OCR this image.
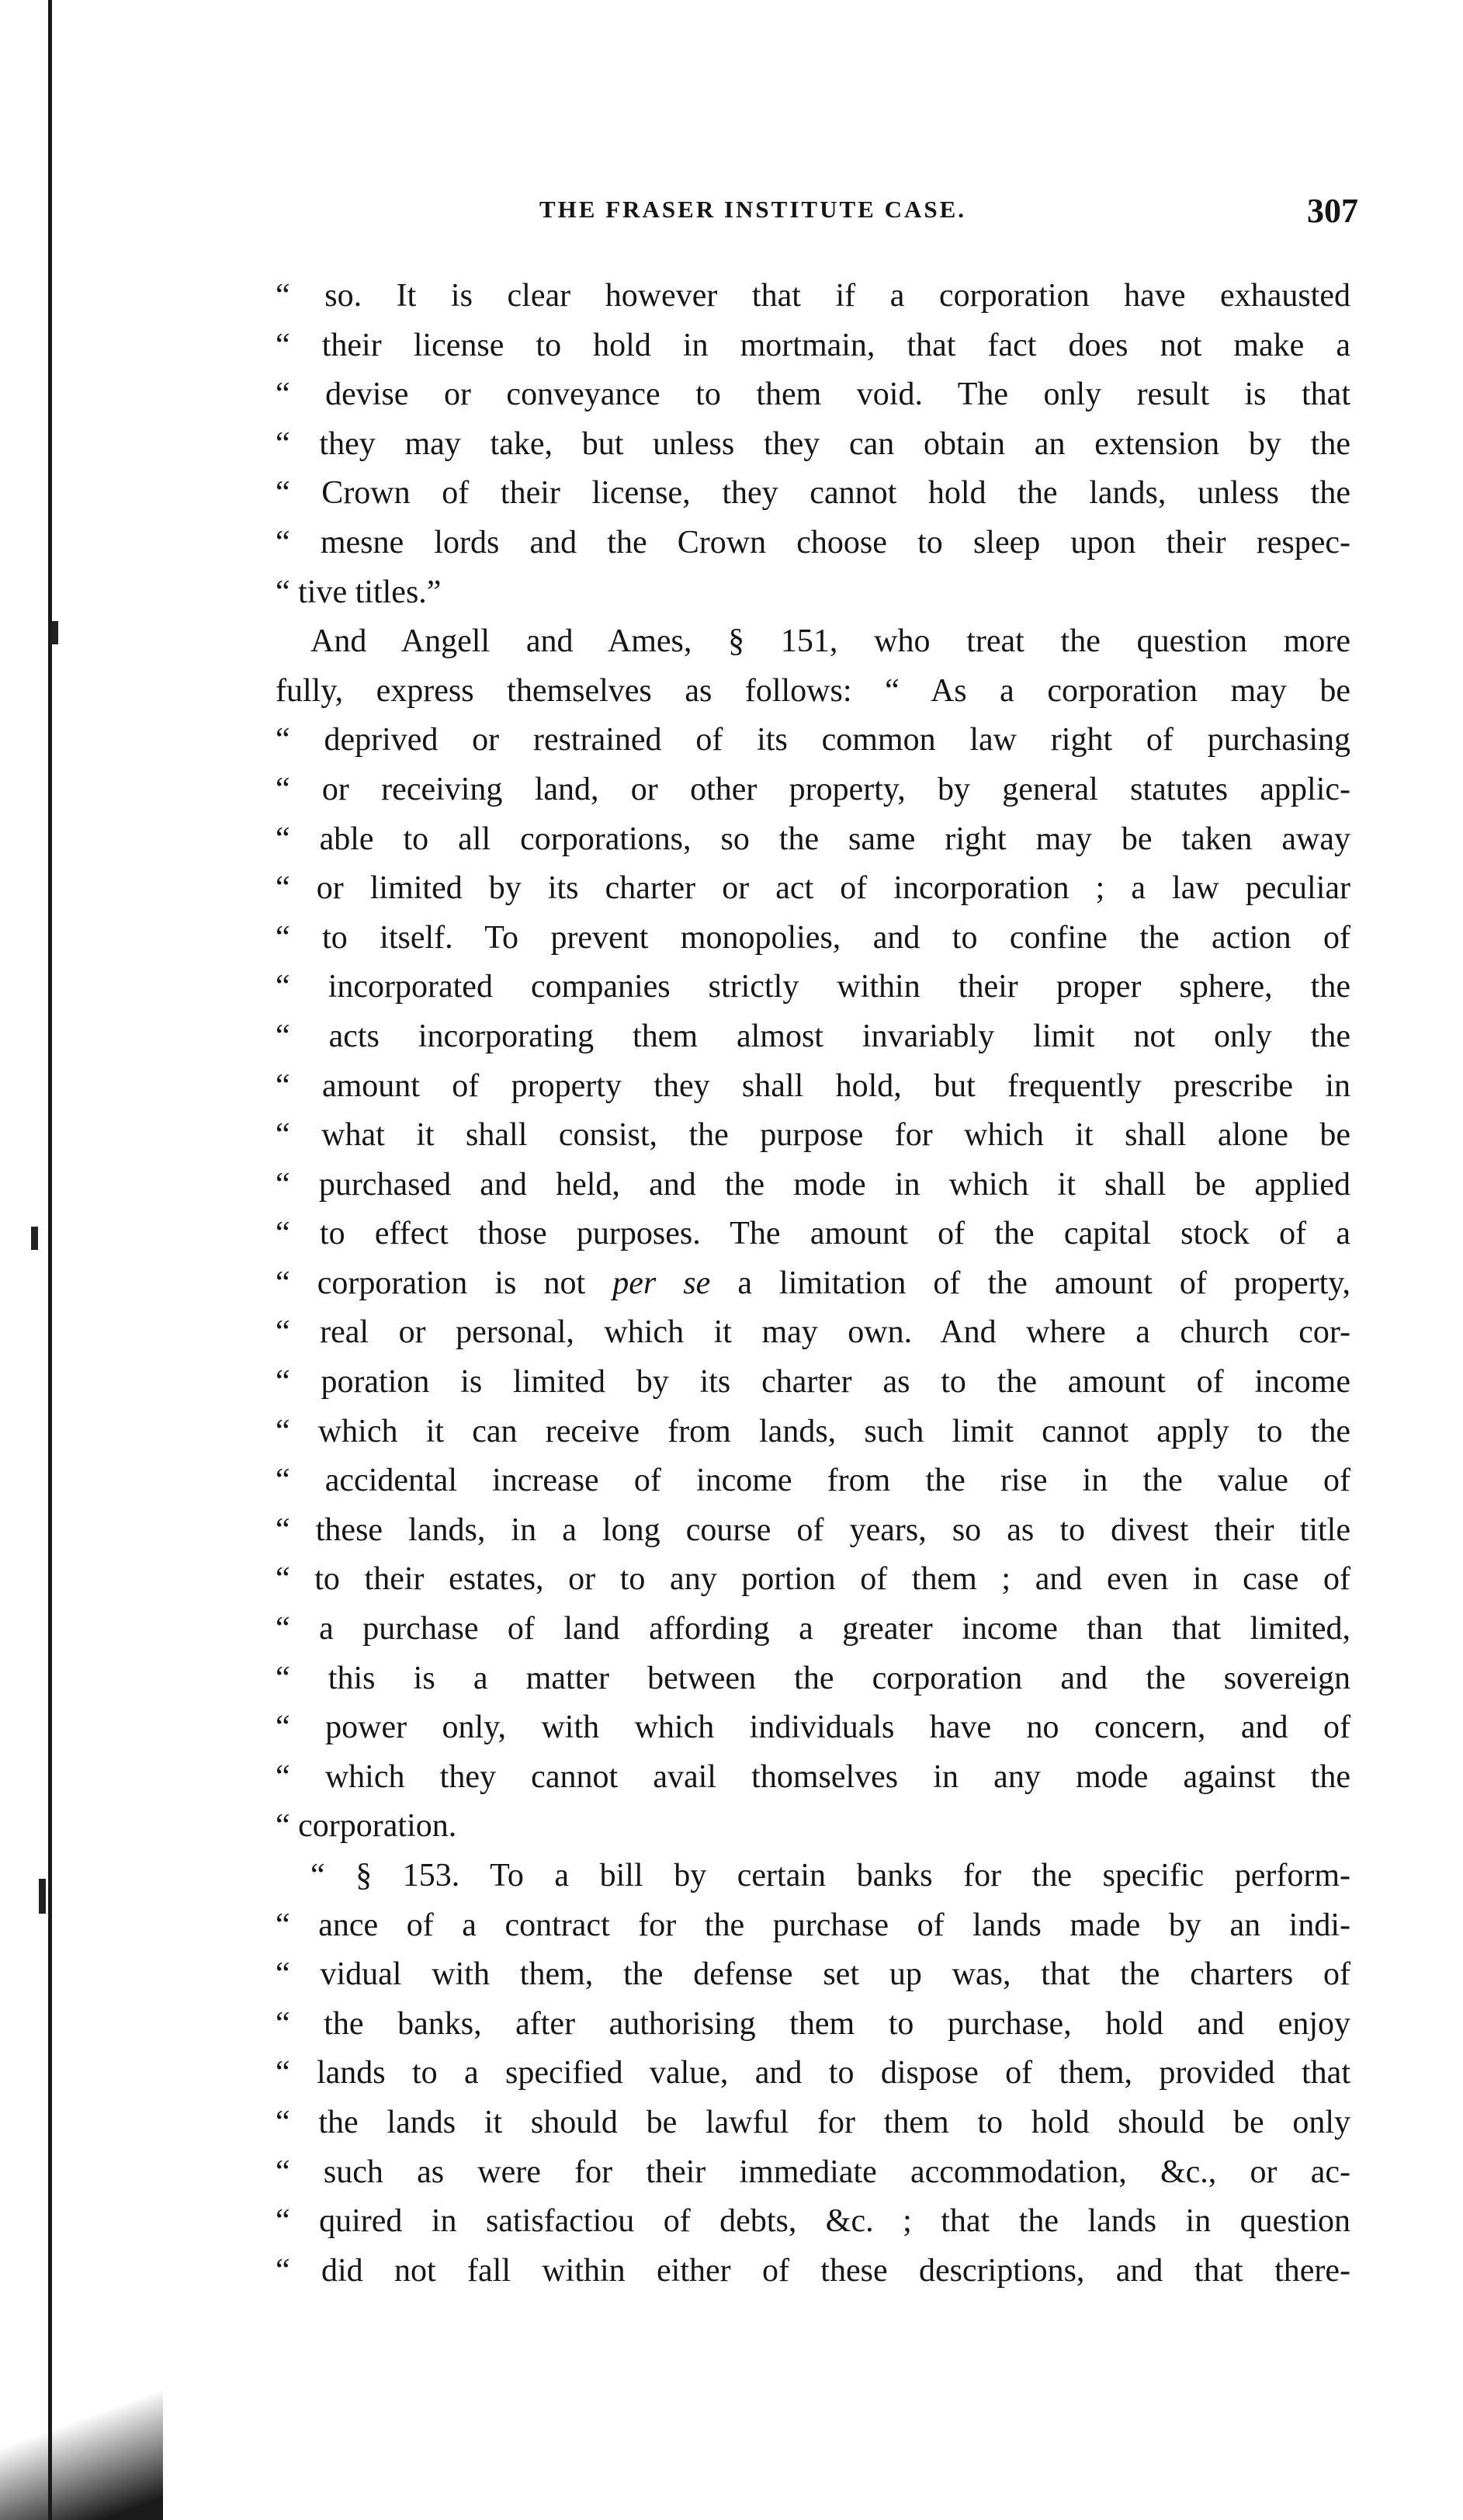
THE FRASER INSTITUTE CASE.	307
“ so. It is clear however that if a corporation have exhausted
“ their license to hold in mortmain, that fact does not make a
“ devise or conveyance to them void. The only result is that
“ they may take, but unless they can obtain an extension by the
“ Crown of their license, they cannot hold the lands, unless the
“ mesne lords and the Crown choose to sleep upon their respec-
“ tive titles.”
And Angell and Ames, § 151, who treat the question more
fully, express themselves as follows: “ As a corporation may be
“ deprived or restrained of its common law right of purchasing
“ or receiving land, or other property, by general statutes applic-
“ able to all corporations, so the same right may be taken away
“ or limited by its charter or act of incorporation ; a law peculiar
“ to itself. To prevent monopolies, and to confine the action of
“ incorporated companies strictly within their proper sphere, the
“ acts incorporating them almost invariably limit not only the
“ amount of property they shall hold, but frequently prescribe in
“ what it shall consist, the purpose for which it shall alone be
“ purchased and held, and the mode in which it shall be applied
“ to effect those purposes. The amount of the capital stock of a
“ corporation is not per se a limitation of the amount of property,
“ real or personal, which it may own. And where a church cor-
“ poration is limited by its charter as to the amount of income
“ which it can receive from lands, such limit cannot apply to the
“ accidental increase of income from the rise in the value of
“ these lands, in a long course of years, so as to divest their title
“ to their estates, or to any portion of them ; and even in case of
“ a purchase of land affording a greater income than that limited,
“ this is a matter between the corporation and the sovereign
“ power only, with which individuals have no concern, and of
“ which they cannot avail thomselves in any mode against the
“ corporation.
“ § 153. To a bill by certain banks for the specific perform-
“ ance of a contract for the purchase of lands made by an indi-
“ vidual with them, the defense set up was, that the charters of
“ the banks, after authorising them to purchase, hold and enjoy
“ lands to a specified value, and to dispose of them, provided that
“ the lands it should be lawful for them to hold should be only
“ such as were for their immediate accommodation, &c., or ac-
“ quired in satisfactiou of debts, &c. ; that the lands in question
“ did not fall within either of these descriptions, and that there-
